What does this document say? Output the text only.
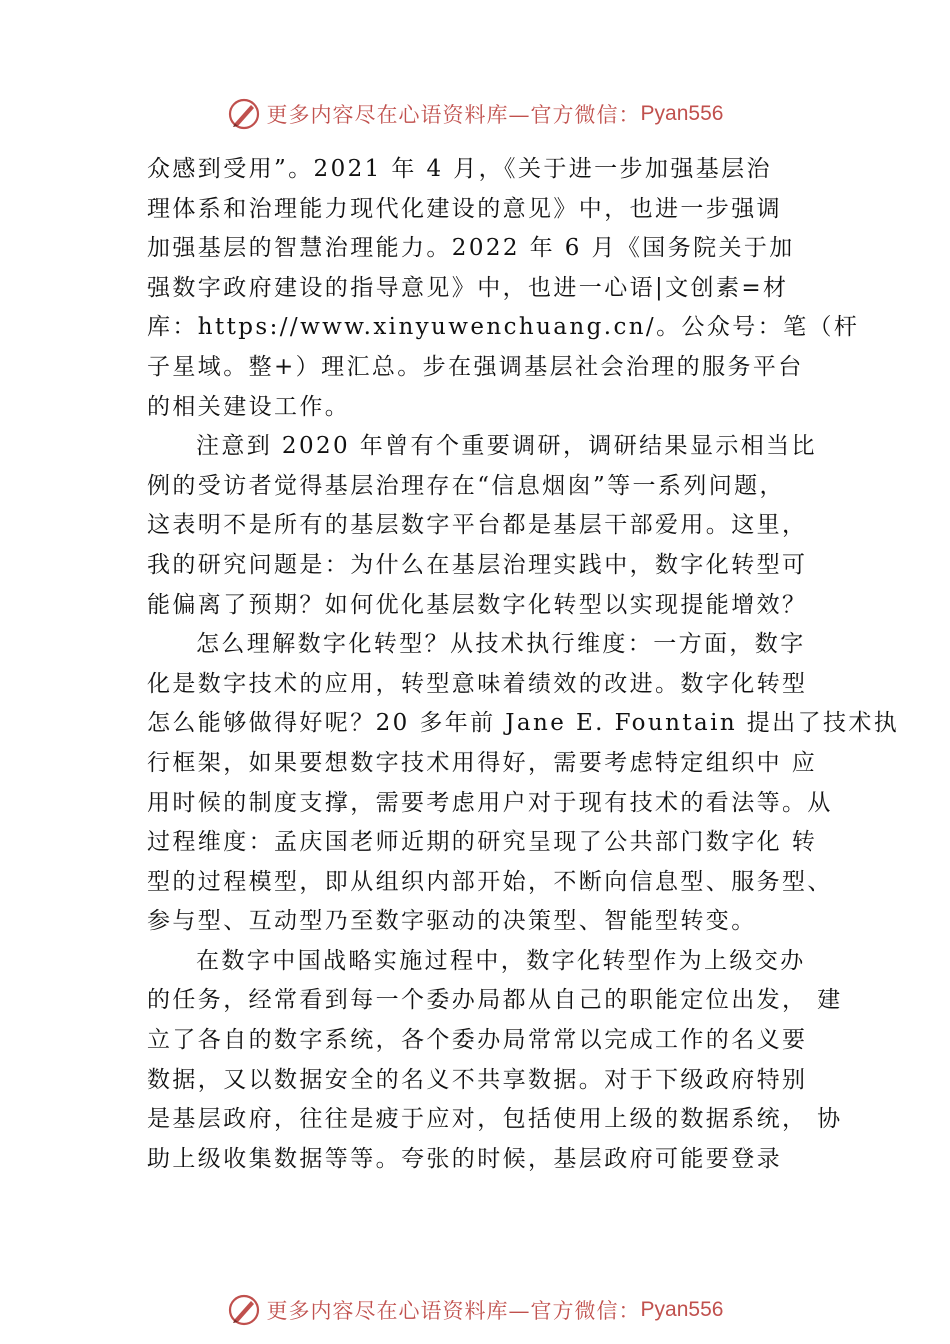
更多内容尽在心语资料库—官方微信： Pyan556
众感到受用”。2021 年 4 月，《关于进一步加强基层治
理体系和治理能力现代化建设的意见》中，也进一步强调
加强基层的智慧治理能力。2022 年 6 月《国务院关于加
强数字政府建设的指导意见》中，也进一心语|文创素=材
库：https://www.xinyuwenchuang.cn/。公众号：笔（杆
子星域。整+）理汇总。步在强调基层社会治理的服务平台
的相关建设工作。
注意到 2020 年曾有个重要调研，调研结果显示相当比
例的受访者觉得基层治理存在“信息烟囱”等一系列问题，
这表明不是所有的基层数字平台都是基层干部爱用。这里，
我的研究问题是：为什么在基层治理实践中，数字化转型可
能偏离了预期？如何优化基层数字化转型以实现提能增效？
怎么理解数字化转型？从技术执行维度：一方面，数字
化是数字技术的应用，转型意味着绩效的改进。数字化转型
怎么能够做得好呢？20 多年前 Jane E. Fountain 提出了技术执
行框架，如果要想数字技术用得好，需要考虑特定组织中 应
用时候的制度支撑，需要考虑用户对于现有技术的看法等。从
过程维度：孟庆国老师近期的研究呈现了公共部门数字化 转
型的过程模型，即从组织内部开始，不断向信息型、服务型、
参与型、互动型乃至数字驱动的决策型、智能型转变。
在数字中国战略实施过程中，数字化转型作为上级交办
的任务，经常看到每一个委办局都从自己的职能定位出发， 建
立了各自的数字系统，各个委办局常常以完成工作的名义要
数据，又以数据安全的名义不共享数据。对于下级政府特别
是基层政府，往往是疲于应对，包括使用上级的数据系统， 协
助上级收集数据等等。夸张的时候，基层政府可能要登录
更多内容尽在心语资料库—官方微信： Pyan556
